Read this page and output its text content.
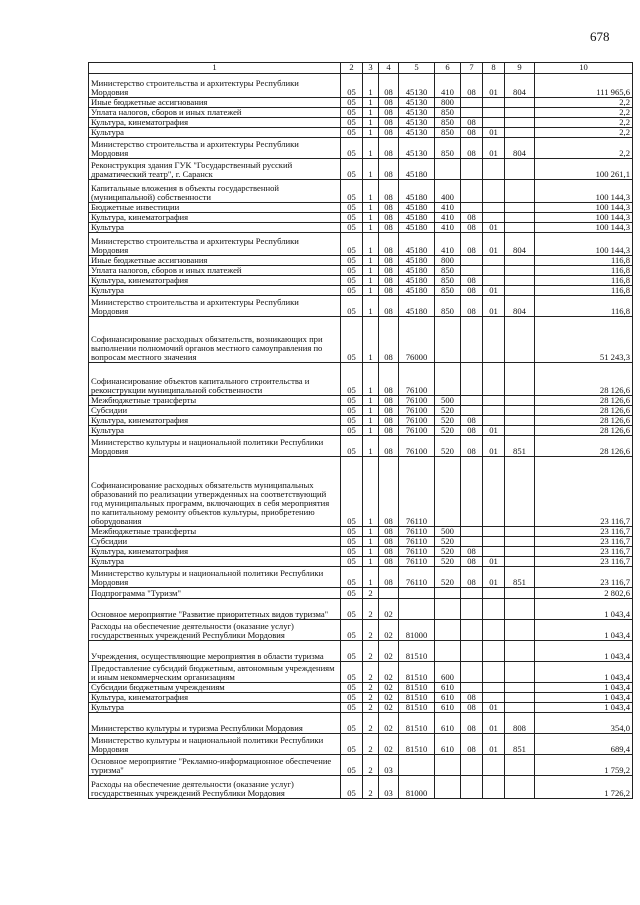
678
1	2	3	4	5	6	7	8	9	10
Министерство строительства и архитектуры Республики Мордовия	05	1	08	45130	410	08	01	804	111 965,6
Иные бюджетные ассигнования	05	1	08	45130	800				2,2
Уплата налогов, сборов и иных платежей	05	1	08	45130	850				2,2
Культура, кинематография	05	1	08	45130	850	08			2,2
Культура	05	1	08	45130	850	08	01		2,2
Министерство строительства и архитектуры Республики Мордовия	05	1	08	45130	850	08	01	804	2,2
Реконструкция здания ГУК "Государственный русский драматический театр", г. Саранск	05	1	08	45180					100 261,1
Капитальные вложения в объекты государственной (муниципальной) собственности	05	1	08	45180	400				100 144,3
Бюджетные инвестиции	05	1	08	45180	410				100 144,3
Культура, кинематография	05	1	08	45180	410	08			100 144,3
Культура	05	1	08	45180	410	08	01		100 144,3
Министерство строительства и архитектуры Республики Мордовия	05	1	08	45180	410	08	01	804	100 144,3
Иные бюджетные ассигнования	05	1	08	45180	800				116,8
Уплата налогов, сборов и иных платежей	05	1	08	45180	850				116,8
Культура, кинематография	05	1	08	45180	850	08			116,8
Культура	05	1	08	45180	850	08	01		116,8
Министерство строительства и архитектуры Республики Мордовия	05	1	08	45180	850	08	01	804	116,8
Софинансирование расходных обязательств, возникающих при выполнении полномочий органов местного самоуправления по вопросам местного значения	05	1	08	76000					51 243,3
Софинансирование объектов капитального строительства и реконструкции муниципальной собственности	05	1	08	76100					28 126,6
Межбюджетные трансферты	05	1	08	76100	500				28 126,6
Субсидии	05	1	08	76100	520				28 126,6
Культура, кинематография	05	1	08	76100	520	08			28 126,6
Культура	05	1	08	76100	520	08	01		28 126,6
Министерство культуры и национальной политики Республики Мордовия	05	1	08	76100	520	08	01	851	28 126,6
Софинансирование расходных обязательств муниципальных образований по реализации утвержденных на соответствующий год муниципальных программ, включающих в себя мероприятия по капитальному ремонту объектов культуры, приобретению оборудования	05	1	08	76110					23 116,7
Межбюджетные трансферты	05	1	08	76110	500				23 116,7
Субсидии	05	1	08	76110	520				23 116,7
Культура, кинематография	05	1	08	76110	520	08			23 116,7
Культура	05	1	08	76110	520	08	01		23 116,7
Министерство культуры и национальной политики Республики Мордовия	05	1	08	76110	520	08	01	851	23 116,7
Подпрограмма "Туризм"	05	2							2 802,6
Основное мероприятие "Развитие приоритетных видов туризма"	05	2	02						1 043,4
Расходы на обеспечение деятельности (оказание услуг) государственных учреждений Республики Мордовия	05	2	02	81000					1 043,4
Учреждения, осуществляющие мероприятия в области туризма	05	2	02	81510					1 043,4
Предоставление субсидий бюджетным, автономным учреждениям и иным некоммерческим организациям	05	2	02	81510	600				1 043,4
Субсидии бюджетным учреждениям	05	2	02	81510	610				1 043,4
Культура, кинематография	05	2	02	81510	610	08			1 043,4
Культура	05	2	02	81510	610	08	01		1 043,4
Министерство культуры и туризма Республики Мордовия	05	2	02	81510	610	08	01	808	354,0
Министерство культуры и национальной политики Республики Мордовия	05	2	02	81510	610	08	01	851	689,4
Основное мероприятие "Рекламно-информационное обеспечение туризма"	05	2	03						1 759,2
Расходы на обеспечение деятельности (оказание услуг) государственных учреждений Республики Мордовия	05	2	03	81000					1 726,2
